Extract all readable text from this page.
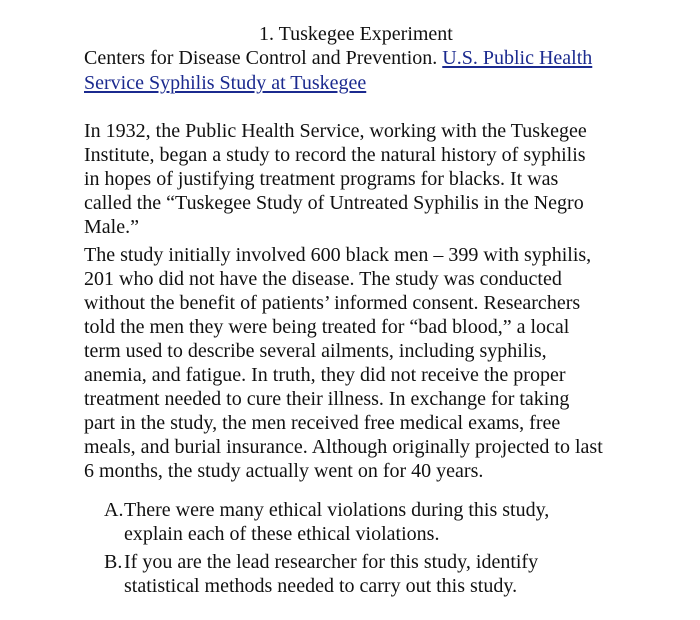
1. Tuskegee Experiment
Centers for Disease Control and Prevention. U.S. Public Health
Service Syphilis Study at Tuskegee
In 1932, the Public Health Service, working with the Tuskegee
Institute, began a study to record the natural history of syphilis
in hopes of justifying treatment programs for blacks. It was
called the “Tuskegee Study of Untreated Syphilis in the Negro
Male.”
The study initially involved 600 black men – 399 with syphilis,
201 who did not have the disease. The study was conducted
without the benefit of patients’ informed consent. Researchers
told the men they were being treated for “bad blood,” a local
term used to describe several ailments, including syphilis,
anemia, and fatigue. In truth, they did not receive the proper
treatment needed to cure their illness. In exchange for taking
part in the study, the men received free medical exams, free
meals, and burial insurance. Although originally projected to last
6 months, the study actually went on for 40 years.
A.There were many ethical violations during this study,
explain each of these ethical violations.
B.If you are the lead researcher for this study, identify
statistical methods needed to carry out this study.
